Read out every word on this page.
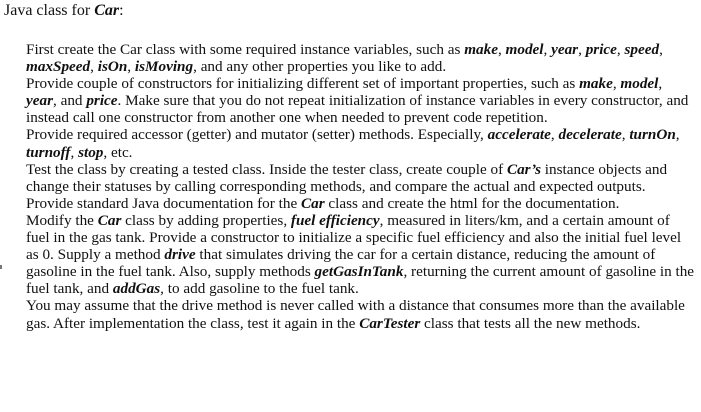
Java class for Car:

First create the Car class with some required instance variables, such as make, model, year, price, speed, maxSpeed, isOn, isMoving, and any other properties you like to add.

Provide couple of constructors for initializing different set of important properties, such as make, model, year, and price. Make sure that you do not repeat initialization of instance variables in every constructor, and instead call one constructor from another one when needed to prevent code repetition.

Provide required accessor (getter) and mutator (setter) methods. Especially, accelerate, decelerate, turnOn, turnoff, stop, etc.

Test the class by creating a tested class. Inside the tester class, create couple of Car’s instance objects and change their statuses by calling corresponding methods, and compare the actual and expected outputs.

Provide standard Java documentation for the Car class and create the html for the documentation.

Modify the Car class by adding properties, fuel efficiency, measured in liters/km, and a certain amount of fuel in the gas tank. Provide a constructor to initialize a specific fuel efficiency and also the initial fuel level as 0. Supply a method drive that simulates driving the car for a certain distance, reducing the amount of gasoline in the fuel tank. Also, supply methods getGasInTank, returning the current amount of gasoline in the fuel tank, and addGas, to add gasoline to the fuel tank.

You may assume that the drive method is never called with a distance that consumes more than the available gas. After implementation the class, test it again in the CarTester class that tests all the new methods.
